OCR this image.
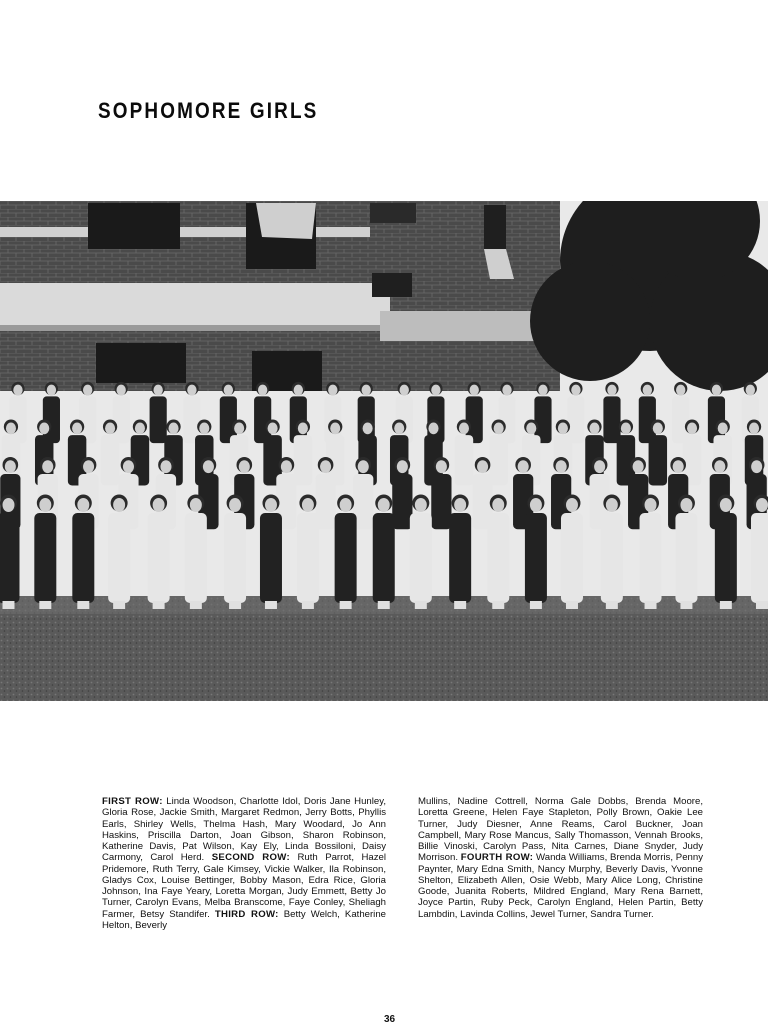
SOPHOMORE GIRLS
FIRST ROW: Linda Woodson, Charlotte Idol, Doris Jane Hunley, Gloria Rose, Jackie Smith, Margaret Redmon, Jerry Botts, Phyllis Earls, Shirley Wells, Thelma Hash, Mary Woodard, Jo Ann Haskins, Priscilla Darton, Joan Gibson, Sharon Robinson, Katherine Davis, Pat Wilson, Kay Ely, Linda Bossiloni, Daisy Carmony, Carol Herd. SECOND ROW: Ruth Parrot, Hazel Pridemore, Ruth Terry, Gale Kimsey, Vickie Walker, Ila Robinson, Gladys Cox, Louise Bettinger, Bobby Mason, Edra Rice, Gloria Johnson, Ina Faye Yeary, Loretta Morgan, Judy Emmett, Betty Jo Turner, Carolyn Evans, Melba Branscome, Faye Conley, Sheliagh Farmer, Betsy Standifer. THIRD ROW: Betty Welch, Katherine Helton, Beverly
Mullins, Nadine Cottrell, Norma Gale Dobbs, Brenda Moore, Loretta Greene, Helen Faye Stapleton, Polly Brown, Oakie Lee Turner, Judy Diesner, Anne Reams, Carol Buckner, Joan Campbell, Mary Rose Mancus, Sally Thomasson, Vennah Brooks, Billie Vinoski, Carolyn Pass, Nita Carnes, Diane Snyder, Judy Morrison. FOURTH ROW: Wanda Williams, Brenda Morris, Penny Paynter, Mary Edna Smith, Nancy Murphy, Beverly Davis, Yvonne Shelton, Elizabeth Allen, Osie Webb, Mary Alice Long, Christine Goode, Juanita Roberts, Mildred England, Mary Rena Barnett, Joyce Partin, Ruby Peck, Carolyn England, Helen Partin, Betty Lambdin, Lavinda Collins, Jewel Turner, Sandra Turner.
36
